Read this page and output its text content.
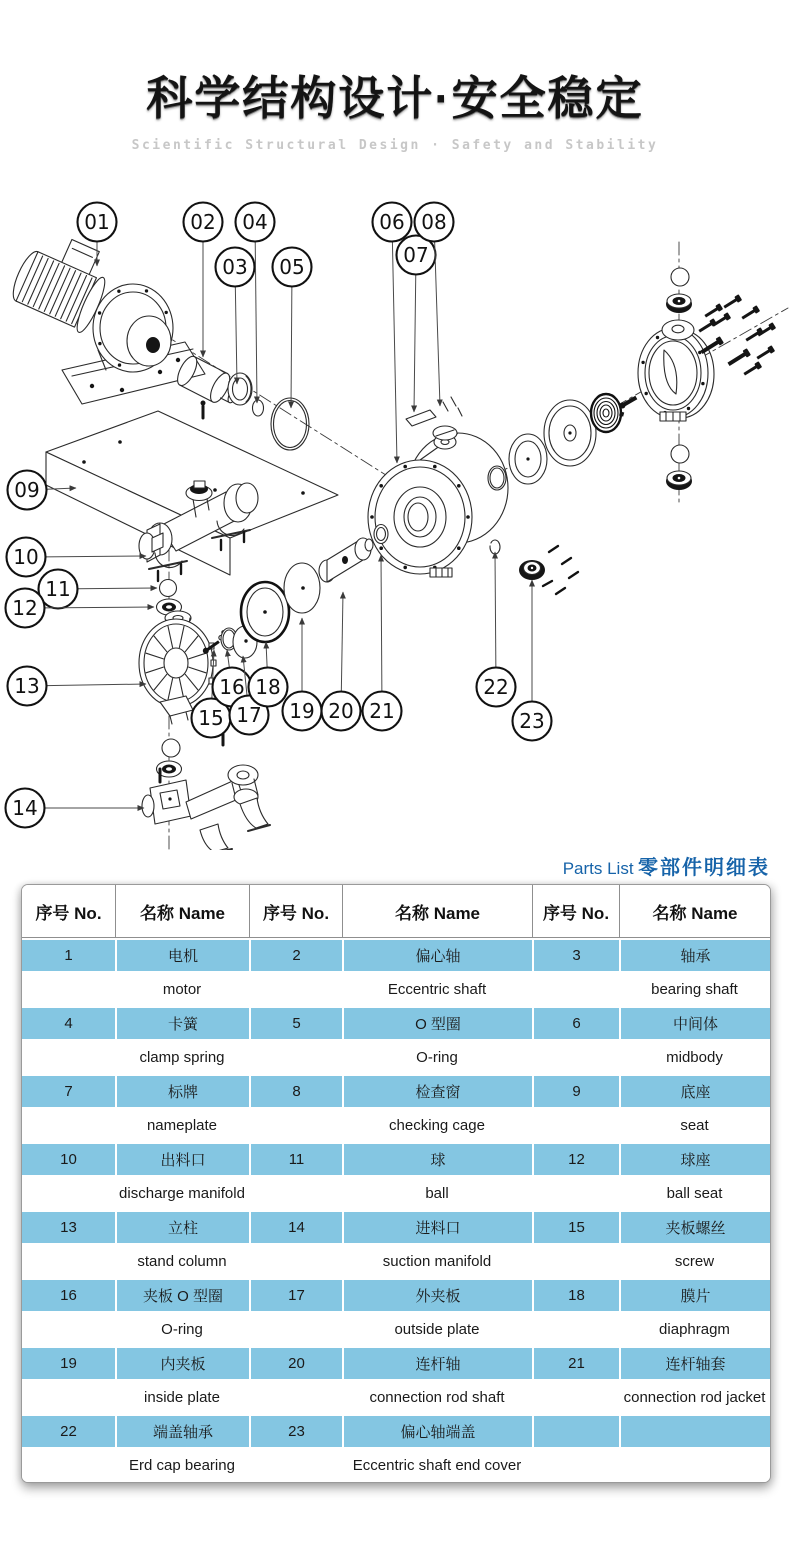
科学结构设计·安全稳定
Scientific Structural Design · Safety and Stability
01	02
03
04
05
06
07
08
09
10
11
12
13
14
15
16
17
18
19 20 21
22
23
Parts List 零部件明细表
序号 No.	名称 Name	序号 No.	名称 Name	序号 No.	名称 Name
1	电机	2	偏心轴	3	轴承
	motor		Eccentric shaft		bearing shaft
4	卡簧	5	O 型圈	6	中间体
	clamp spring		O-ring		midbody
7	标牌	8	检查窗	9	底座
	nameplate		checking cage		seat
10	出料口	11	球	12	球座
	discharge manifold		ball		ball seat
13	立柱	14	进料口	15	夹板螺丝
	stand column		suction manifold		screw
16	夹板 O 型圈	17	外夹板	18	膜片
	O-ring		outside plate		diaphragm
19	内夹板	20	连杆轴	21	连杆轴套
	inside plate		connection rod shaft		connection rod jacket
22	端盖轴承	23	偏心轴端盖		
	Erd cap bearing		Eccentric shaft end cover		
